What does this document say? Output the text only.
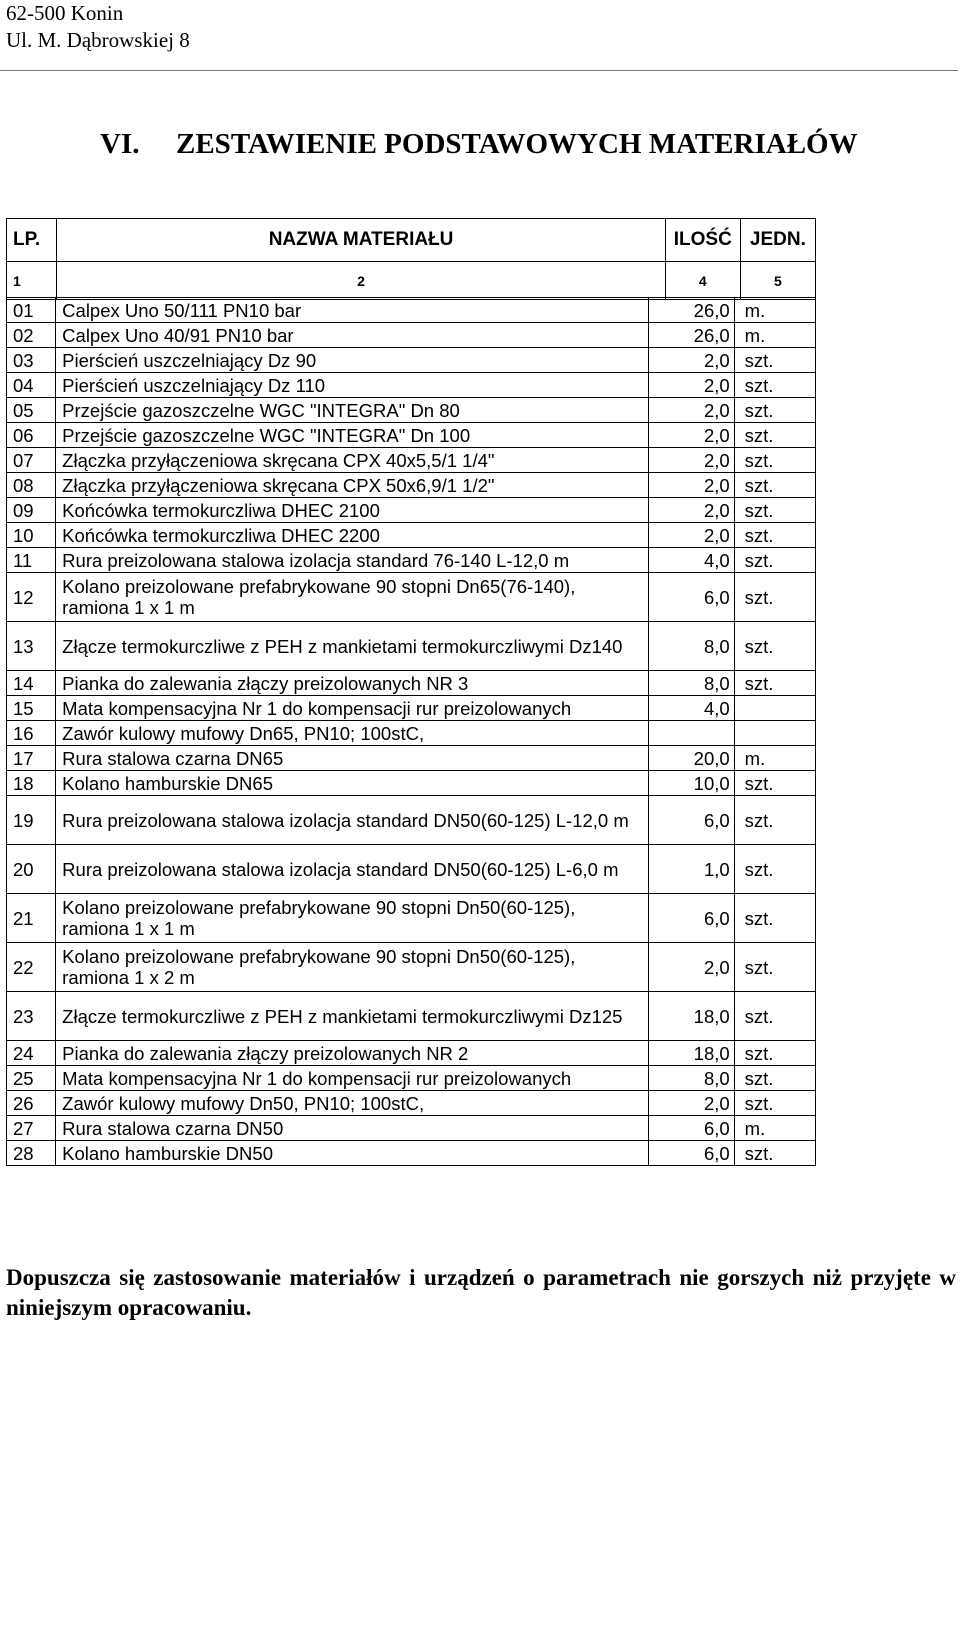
62-500 Konin
Ul. M. Dąbrowskiej 8
VI. ZESTAWIENIE PODSTAWOWYCH MATERIAŁÓW
LP.	NAZWA MATERIAŁU	ILOŚĆ	JEDN.
1	2	4	5
01	Calpex Uno 50/111 PN10 bar	26,0	m.
02	Calpex Uno 40/91 PN10 bar	26,0	m.
03	Pierścień uszczelniający Dz 90	2,0	szt.
04	Pierścień uszczelniający Dz 110	2,0	szt.
05	Przejście gazoszczelne WGC "INTEGRA" Dn 80	2,0	szt.
06	Przejście gazoszczelne WGC "INTEGRA" Dn 100	2,0	szt.
07	Złączka przyłączeniowa skręcana CPX 40x5,5/1 1/4"	2,0	szt.
08	Złączka przyłączeniowa skręcana CPX 50x6,9/1 1/2"	2,0	szt.
09	Końcówka termokurczliwa DHEC 2100	2,0	szt.
10	Końcówka termokurczliwa DHEC 2200	2,0	szt.
11	Rura preizolowana stalowa izolacja standard 76-140 L-12,0 m	4,0	szt.
12	Kolano preizolowane prefabrykowane 90 stopni Dn65(76-140), ramiona 1 x 1 m	6,0	szt.
13	Złącze termokurczliwe z PEH z mankietami termokurczliwymi Dz140	8,0	szt.
14	Pianka do zalewania złączy preizolowanych NR 3	8,0	szt.
15	Mata kompensacyjna Nr 1 do kompensacji rur preizolowanych	4,0	
16	Zawór kulowy mufowy Dn65, PN10; 100stC,		
17	Rura stalowa czarna DN65	20,0	m.
18	Kolano hamburskie DN65	10,0	szt.
19	Rura preizolowana stalowa izolacja standard DN50(60-125) L-12,0 m	6,0	szt.
20	Rura preizolowana stalowa izolacja standard DN50(60-125) L-6,0 m	1,0	szt.
21	Kolano preizolowane prefabrykowane 90 stopni Dn50(60-125), ramiona 1 x 1 m	6,0	szt.
22	Kolano preizolowane prefabrykowane 90 stopni Dn50(60-125), ramiona 1 x 2 m	2,0	szt.
23	Złącze termokurczliwe z PEH z mankietami termokurczliwymi Dz125	18,0	szt.
24	Pianka do zalewania złączy preizolowanych NR 2	18,0	szt.
25	Mata kompensacyjna Nr 1 do kompensacji rur preizolowanych	8,0	szt.
26	Zawór kulowy mufowy Dn50, PN10; 100stC,	2,0	szt.
27	Rura stalowa czarna DN50	6,0	m.
28	Kolano hamburskie DN50	6,0	szt.
Dopuszcza się zastosowanie materiałów i urządzeń o parametrach nie gorszych niż przyjęte w niniejszym opracowaniu.
